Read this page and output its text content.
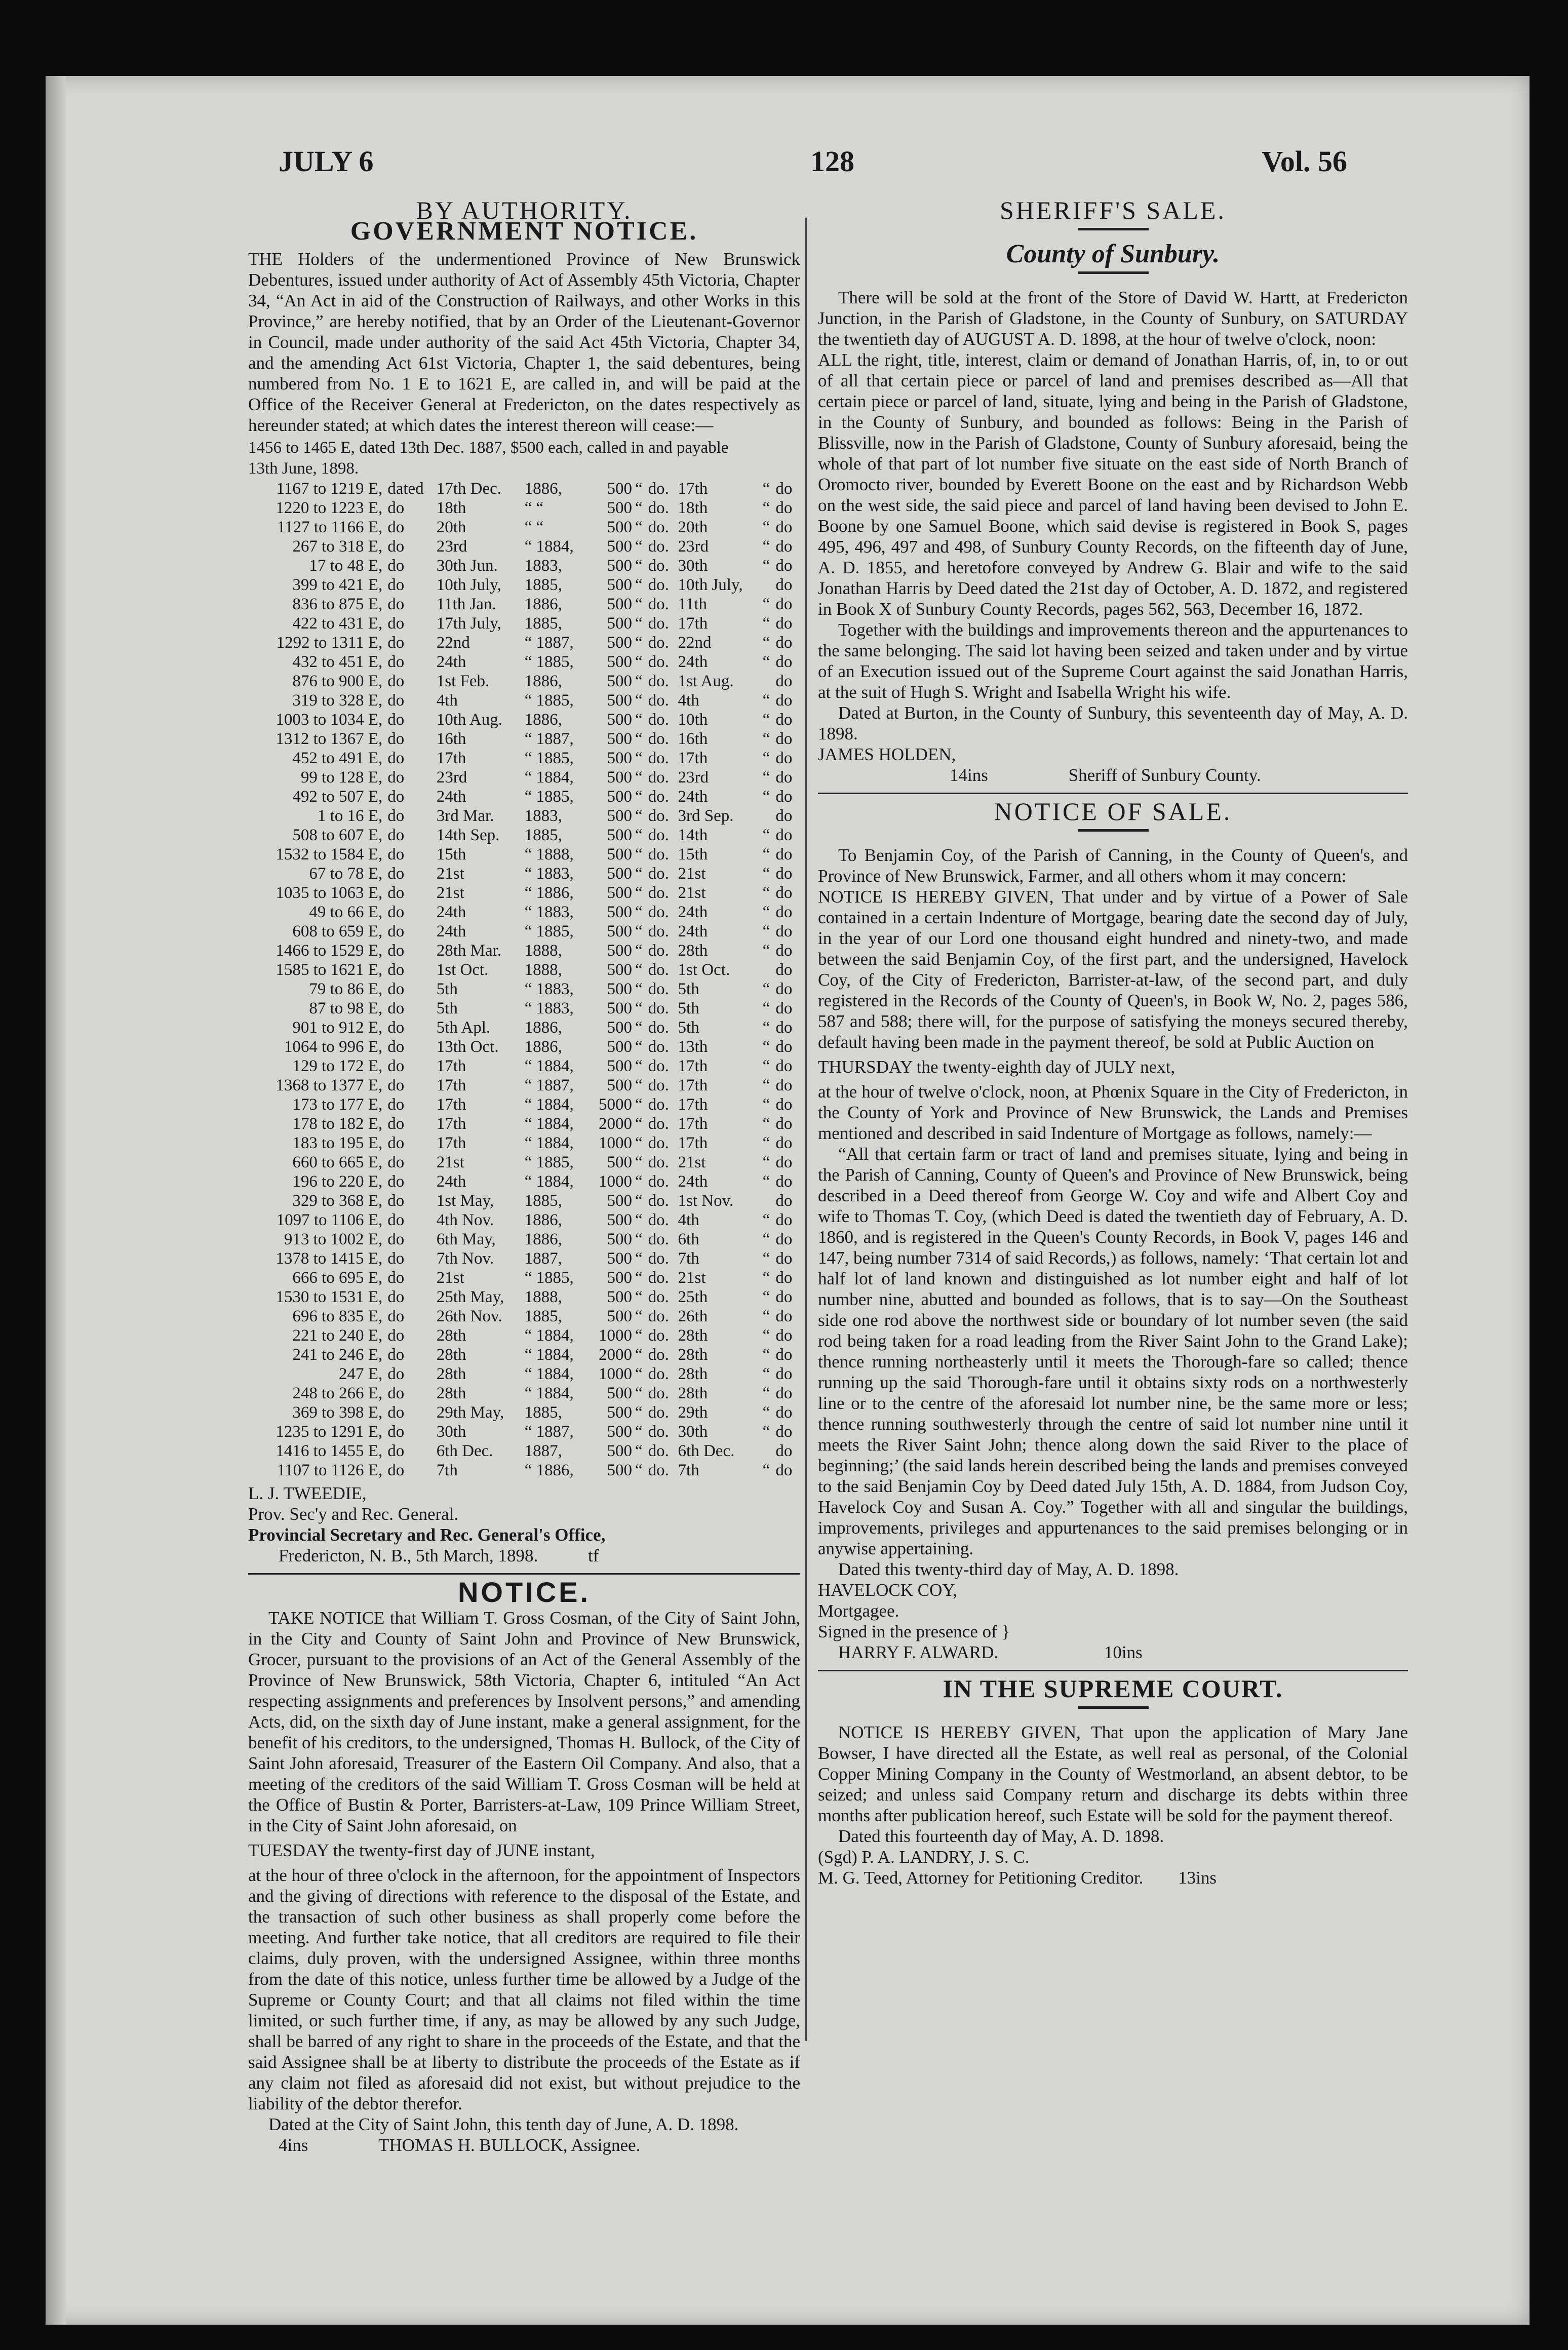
JULY 6	128	Vol. 56
BY AUTHORITY.
GOVERNMENT NOTICE.

THE Holders of the undermentioned Province of New Brunswick Debentures, issued under authority of Act of Assembly 45th Victoria, Chapter 34, “An Act in aid of the Construction of Railways, and other Works in this Province,” are hereby notified, that by an Order of the Lieutenant-Governor in Council, made under authority of the said Act 45th Victoria, Chapter 34, and the amending Act 61st Victoria, Chapter 1, the said debentures, being numbered from No. 1 E to 1621 E, are called in, and will be paid at the Office of the Receiver General at Fredericton, on the dates respectively as hereunder stated; at which dates the interest thereon will cease:—

1456 to 1465 E, dated 13th Dec. 1887, $500 each, called in and payable

13th June, 1898.

1167 to 1219 E,	dated	17th Dec.	1886,	500	“	do.	17th	“	do
1220 to 1223 E,	do	18th	“ “	500	“	do.	18th	“	do
1127 to 1166 E,	do	20th	“ “	500	“	do.	20th	“	do
267 to 318 E,	do	23rd	“ 1884,	500	“	do.	23rd	“	do
17 to 48 E,	do	30th Jun.	1883,	500	“	do.	30th	“	do
399 to 421 E,	do	10th July,	1885,	500	“	do.	10th July,		do
836 to 875 E,	do	11th Jan.	1886,	500	“	do.	11th	“	do
422 to 431 E,	do	17th July,	1885,	500	“	do.	17th	“	do
1292 to 1311 E,	do	22nd	“ 1887,	500	“	do.	22nd	“	do
432 to 451 E,	do	24th	“ 1885,	500	“	do.	24th	“	do
876 to 900 E,	do	1st Feb.	1886,	500	“	do.	1st Aug.		do
319 to 328 E,	do	4th	“ 1885,	500	“	do.	4th	“	do
1003 to 1034 E,	do	10th Aug.	1886,	500	“	do.	10th	“	do
1312 to 1367 E,	do	16th	“ 1887,	500	“	do.	16th	“	do
452 to 491 E,	do	17th	“ 1885,	500	“	do.	17th	“	do
99 to 128 E,	do	23rd	“ 1884,	500	“	do.	23rd	“	do
492 to 507 E,	do	24th	“ 1885,	500	“	do.	24th	“	do
1 to 16 E,	do	3rd Mar.	1883,	500	“	do.	3rd Sep.		do
508 to 607 E,	do	14th Sep.	1885,	500	“	do.	14th	“	do
1532 to 1584 E,	do	15th	“ 1888,	500	“	do.	15th	“	do
67 to 78 E,	do	21st	“ 1883,	500	“	do.	21st	“	do
1035 to 1063 E,	do	21st	“ 1886,	500	“	do.	21st	“	do
49 to 66 E,	do	24th	“ 1883,	500	“	do.	24th	“	do
608 to 659 E,	do	24th	“ 1885,	500	“	do.	24th	“	do
1466 to 1529 E,	do	28th Mar.	1888,	500	“	do.	28th	“	do
1585 to 1621 E,	do	1st Oct.	1888,	500	“	do.	1st Oct.		do
79 to 86 E,	do	5th	“ 1883,	500	“	do.	5th	“	do
87 to 98 E,	do	5th	“ 1883,	500	“	do.	5th	“	do
901 to 912 E,	do	5th Apl.	1886,	500	“	do.	5th	“	do
1064 to 996 E,	do	13th Oct.	1886,	500	“	do.	13th	“	do
129 to 172 E,	do	17th	“ 1884,	500	“	do.	17th	“	do
1368 to 1377 E,	do	17th	“ 1887,	500	“	do.	17th	“	do
173 to 177 E,	do	17th	“ 1884,	5000	“	do.	17th	“	do
178 to 182 E,	do	17th	“ 1884,	2000	“	do.	17th	“	do
183 to 195 E,	do	17th	“ 1884,	1000	“	do.	17th	“	do
660 to 665 E,	do	21st	“ 1885,	500	“	do.	21st	“	do
196 to 220 E,	do	24th	“ 1884,	1000	“	do.	24th	“	do
329 to 368 E,	do	1st May,	1885,	500	“	do.	1st Nov.		do
1097 to 1106 E,	do	4th Nov.	1886,	500	“	do.	4th	“	do
913 to 1002 E,	do	6th May,	1886,	500	“	do.	6th	“	do
1378 to 1415 E,	do	7th Nov.	1887,	500	“	do.	7th	“	do
666 to 695 E,	do	21st	“ 1885,	500	“	do.	21st	“	do
1530 to 1531 E,	do	25th May,	1888,	500	“	do.	25th	“	do
696 to 835 E,	do	26th Nov.	1885,	500	“	do.	26th	“	do
221 to 240 E,	do	28th	“ 1884,	1000	“	do.	28th	“	do
241 to 246 E,	do	28th	“ 1884,	2000	“	do.	28th	“	do
247 E,	do	28th	“ 1884,	1000	“	do.	28th	“	do
248 to 266 E,	do	28th	“ 1884,	500	“	do.	28th	“	do
369 to 398 E,	do	29th May,	1885,	500	“	do.	29th	“	do
1235 to 1291 E,	do	30th	“ 1887,	500	“	do.	30th	“	do
1416 to 1455 E,	do	6th Dec.	1887,	500	“	do.	6th Dec.		do
1107 to 1126 E,	do	7th	“ 1886,	500	“	do.	7th	“	do

L. J. TWEEDIE,

Prov. Sec'y and Rec. General.

Provincial Secretary and Rec. General's Office,

Fredericton, N. B., 5th March, 1898.	tf

NOTICE.

TAKE NOTICE that William T. Gross Cosman, of the City of Saint John, in the City and County of Saint John and Province of New Brunswick, Grocer, pursuant to the provisions of an Act of the General Assembly of the Province of New Brunswick, 58th Victoria, Chapter 6, intituled “An Act respecting assignments and preferences by Insolvent persons,” and amending Acts, did, on the sixth day of June instant, make a general assignment, for the benefit of his creditors, to the undersigned, Thomas H. Bullock, of the City of Saint John aforesaid, Treasurer of the Eastern Oil Company. And also, that a meeting of the creditors of the said William T. Gross Cosman will be held at the Office of Bustin & Porter, Barristers-at-Law, 109 Prince William Street, in the City of Saint John aforesaid, on

TUESDAY the twenty-first day of JUNE instant,

at the hour of three o'clock in the afternoon, for the appointment of Inspectors and the giving of directions with reference to the disposal of the Estate, and the transaction of such other business as shall properly come before the meeting. And further take notice, that all creditors are required to file their claims, duly proven, with the undersigned Assignee, within three months from the date of this notice, unless further time be allowed by a Judge of the Supreme or County Court; and that all claims not filed within the time limited, or such further time, if any, as may be allowed by any such Judge, shall be barred of any right to share in the proceeds of the Estate, and that the said Assignee shall be at liberty to distribute the proceeds of the Estate as if any claim not filed as aforesaid did not exist, but without prejudice to the liability of the debtor therefor.

Dated at the City of Saint John, this tenth day of June, A. D. 1898.

4ins	THOMAS H. BULLOCK, Assignee.

SHERIFF'S SALE.
County of Sunbury.

There will be sold at the front of the Store of David W. Hartt, at Fredericton Junction, in the Parish of Gladstone, in the County of Sunbury, on SATURDAY the twentieth day of AUGUST A. D. 1898, at the hour of twelve o'clock, noon:

ALL the right, title, interest, claim or demand of Jonathan Harris, of, in, to or out of all that certain piece or parcel of land and premises described as—All that certain piece or parcel of land, situate, lying and being in the Parish of Gladstone, in the County of Sunbury, and bounded as follows: Being in the Parish of Blissville, now in the Parish of Gladstone, County of Sunbury aforesaid, being the whole of that part of lot number five situate on the east side of North Branch of Oromocto river, bounded by Everett Boone on the east and by Richardson Webb on the west side, the said piece and parcel of land having been devised to John E. Boone by one Samuel Boone, which said devise is registered in Book S, pages 495, 496, 497 and 498, of Sunbury County Records, on the fifteenth day of June, A. D. 1855, and heretofore conveyed by Andrew G. Blair and wife to the said Jonathan Harris by Deed dated the 21st day of October, A. D. 1872, and registered in Book X of Sunbury County Records, pages 562, 563, December 16, 1872.

Together with the buildings and improvements thereon and the appurtenances to the same belonging. The said lot having been seized and taken under and by virtue of an Execution issued out of the Supreme Court against the said Jonathan Harris, at the suit of Hugh S. Wright and Isabella Wright his wife.

Dated at Burton, in the County of Sunbury, this seventeenth day of May, A. D. 1898.

JAMES HOLDEN,

14ins	Sheriff of Sunbury County.

NOTICE OF SALE.

To Benjamin Coy, of the Parish of Canning, in the County of Queen's, and Province of New Brunswick, Farmer, and all others whom it may concern:

NOTICE IS HEREBY GIVEN, That under and by virtue of a Power of Sale contained in a certain Indenture of Mortgage, bearing date the second day of July, in the year of our Lord one thousand eight hundred and ninety-two, and made between the said Benjamin Coy, of the first part, and the undersigned, Havelock Coy, of the City of Fredericton, Barrister-at-law, of the second part, and duly registered in the Records of the County of Queen's, in Book W, No. 2, pages 586, 587 and 588; there will, for the purpose of satisfying the moneys secured thereby, default having been made in the payment thereof, be sold at Public Auction on

THURSDAY the twenty-eighth day of JULY next,

at the hour of twelve o'clock, noon, at Phœnix Square in the City of Fredericton, in the County of York and Province of New Brunswick, the Lands and Premises mentioned and described in said Indenture of Mortgage as follows, namely:—

“All that certain farm or tract of land and premises situate, lying and being in the Parish of Canning, County of Queen's and Province of New Brunswick, being described in a Deed thereof from George W. Coy and wife and Albert Coy and wife to Thomas T. Coy, (which Deed is dated the twentieth day of February, A. D. 1860, and is registered in the Queen's County Records, in Book V, pages 146 and 147, being number 7314 of said Records,) as follows, namely: ‘That certain lot and half lot of land known and distinguished as lot number eight and half of lot number nine, abutted and bounded as follows, that is to say—On the Southeast side one rod above the northwest side or boundary of lot number seven (the said rod being taken for a road leading from the River Saint John to the Grand Lake); thence running northeasterly until it meets the Thorough-fare so called; thence running up the said Thorough-fare until it obtains sixty rods on a northwesterly line or to the centre of the aforesaid lot number nine, be the same more or less; thence running southwesterly through the centre of said lot number nine until it meets the River Saint John; thence along down the said River to the place of beginning;’ (the said lands herein described being the lands and premises conveyed to the said Benjamin Coy by Deed dated July 15th, A. D. 1884, from Judson Coy, Havelock Coy and Susan A. Coy.” Together with all and singular the buildings, improvements, privileges and appurtenances to the said premises belonging or in anywise appertaining.

Dated this twenty-third day of May, A. D. 1898.

HAVELOCK COY,

Mortgagee.

Signed in the presence of }

HARRY F. ALWARD.	10ins

IN THE SUPREME COURT.

NOTICE IS HEREBY GIVEN, That upon the application of Mary Jane Bowser, I have directed all the Estate, as well real as personal, of the Colonial Copper Mining Company in the County of Westmorland, an absent debtor, to be seized; and unless said Company return and discharge its debts within three months after publication hereof, such Estate will be sold for the payment thereof.

Dated this fourteenth day of May, A. D. 1898.

(Sgd) P. A. LANDRY, J. S. C.

M. G. Teed, Attorney for Petitioning Creditor. 13ins
